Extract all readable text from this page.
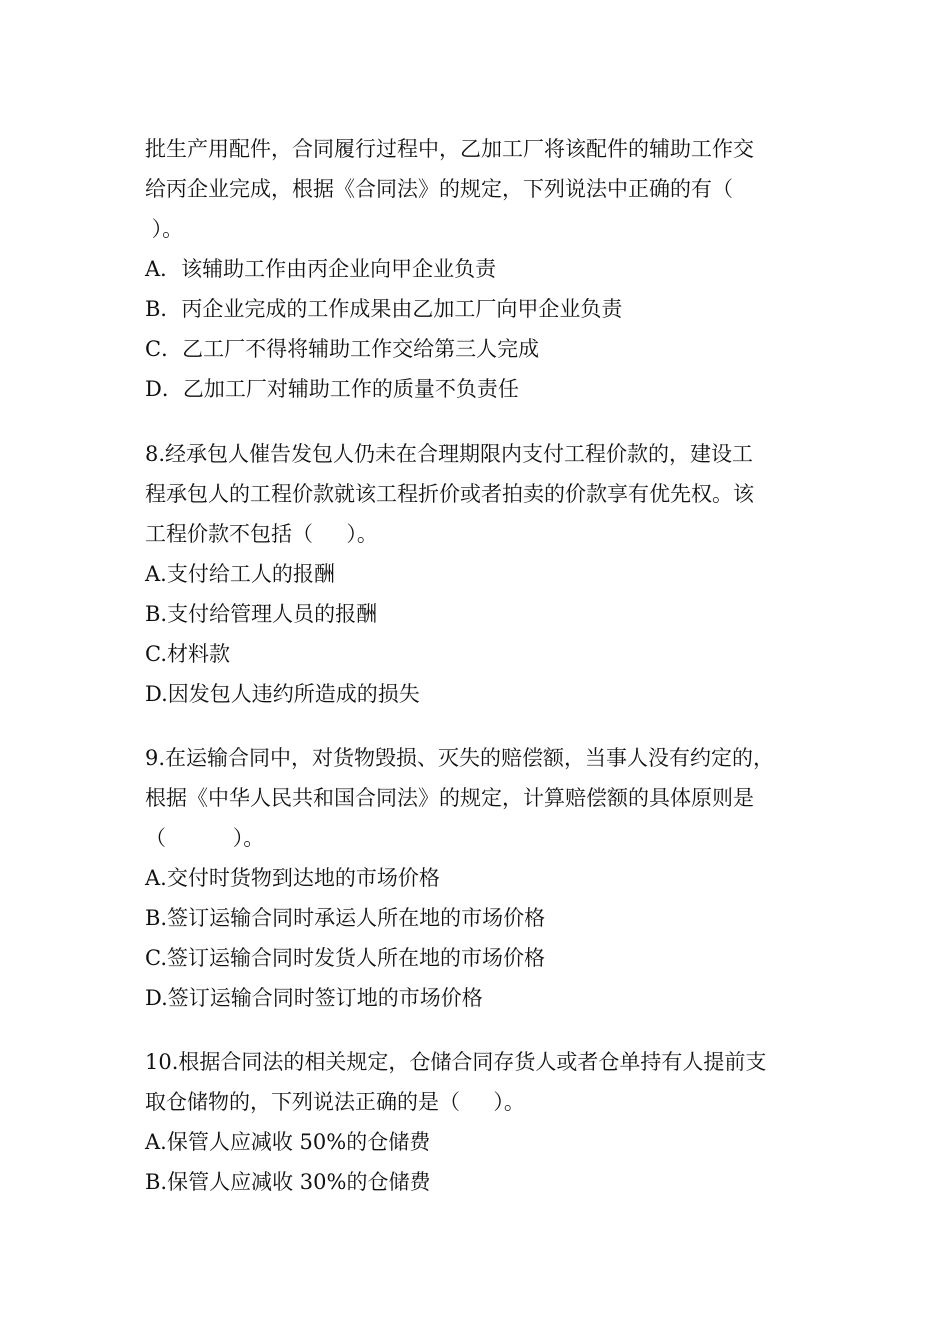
批生产用配件，合同履行过程中，乙加工厂将该配件的辅助工作交
给丙企业完成，根据《合同法》的规定，下列说法中正确的有（
）。
A．该辅助工作由丙企业向甲企业负责
B．丙企业完成的工作成果由乙加工厂向甲企业负责
C．乙工厂不得将辅助工作交给第三人完成
D．乙加工厂对辅助工作的质量不负责任
8.经承包人催告发包人仍未在合理期限内支付工程价款的，建设工
程承包人的工程价款就该工程折价或者拍卖的价款享有优先权。该
工程价款不包括（     ）。
A.支付给工人的报酬
B.支付给管理人员的报酬
C.材料款
D.因发包人违约所造成的损失
9.在运输合同中，对货物毁损、灭失的赔偿额，当事人没有约定的，
根据《中华人民共和国合同法》的规定，计算赔偿额的具体原则是
（          ）。
A.交付时货物到达地的市场价格
B.签订运输合同时承运人所在地的市场价格
C.签订运输合同时发货人所在地的市场价格
D.签订运输合同时签订地的市场价格
10.根据合同法的相关规定，仓储合同存货人或者仓单持有人提前支
取仓储物的，下列说法正确的是（     ）。
A.保管人应减收 50%的仓储费
B.保管人应减收 30%的仓储费
